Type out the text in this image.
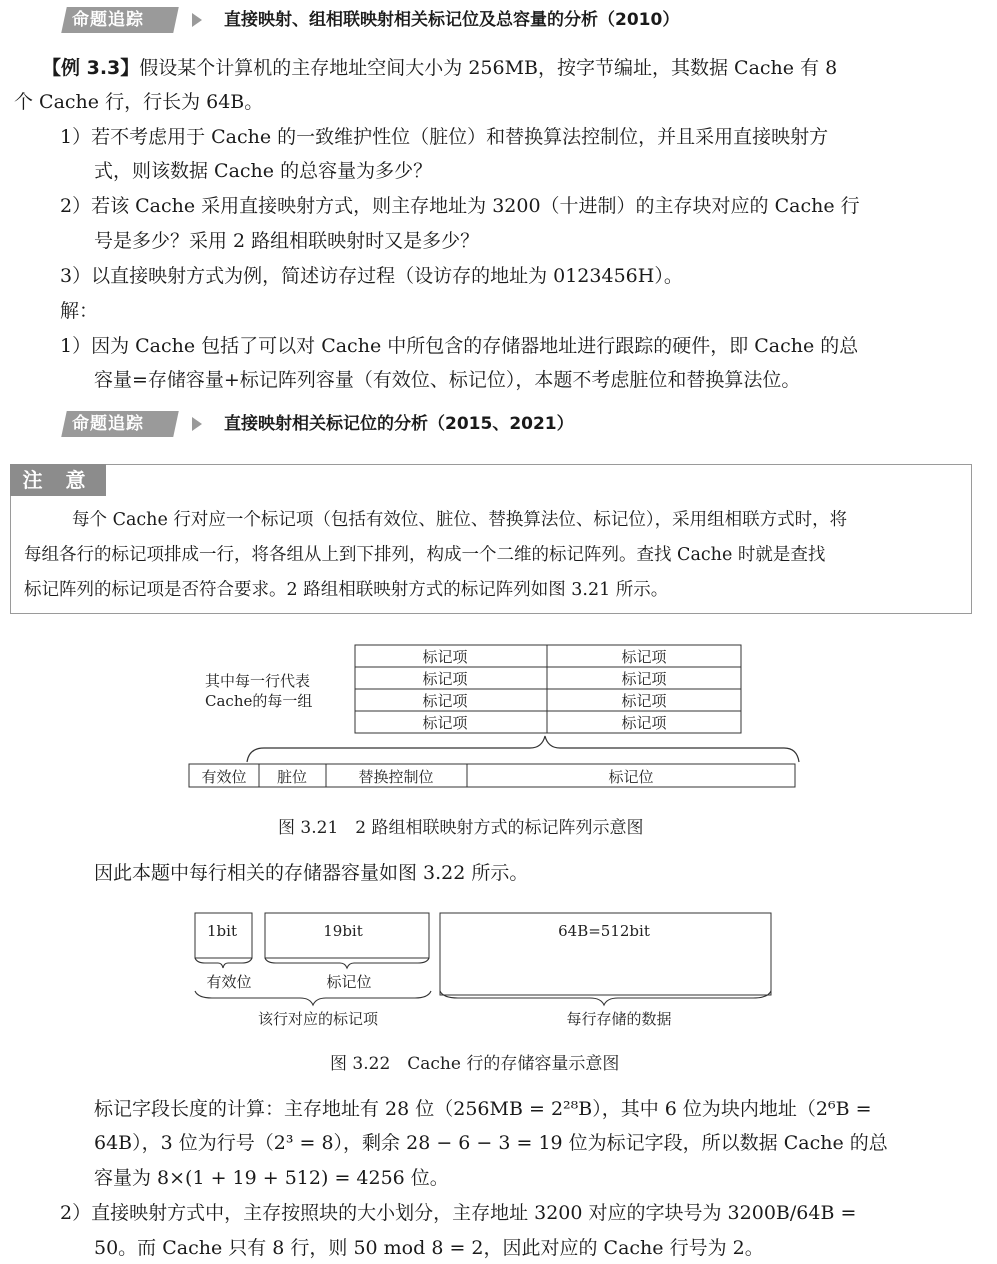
命题追踪	直接映射、组相联映射相关标记位及总容量的分析（2010）
【例 3.3】假设某个计算机的主存地址空间大小为 256MB，按字节编址，其数据 Cache 有 8
个 Cache 行，行长为 64B。
1）若不考虑用于 Cache 的一致维护性位（脏位）和替换算法控制位，并且采用直接映射方
式，则该数据 Cache 的总容量为多少？
2）若该 Cache 采用直接映射方式，则主存地址为 3200（十进制）的主存块对应的 Cache 行
号是多少？采用 2 路组相联映射时又是多少？
3）以直接映射方式为例，简述访存过程（设访存的地址为 0123456H）。
解：
1）因为 Cache 包括了可以对 Cache 中所包含的存储器地址进行跟踪的硬件，即 Cache 的总
容量=存储容量+标记阵列容量（有效位、标记位），本题不考虑脏位和替换算法位。
命题追踪	直接映射相关标记位的分析（2015、2021）
注 意
每个 Cache 行对应一个标记项（包括有效位、脏位、替换算法位、标记位），采用组相联方式时，将
每组各行的标记项排成一行，将各组从上到下排列，构成一个二维的标记阵列。查找 Cache 时就是查找
标记阵列的标记项是否符合要求。2 路组相联映射方式的标记阵列如图 3.21 所示。
其中每一行代表
Cache的每一组
标记项	标记项
标记项	标记项
标记项	标记项
标记项	标记项
有效位 脏位	替换控制位	标记位
图 3.21　2 路组相联映射方式的标记阵列示意图
因此本题中每行相关的存储器容量如图 3.22 所示。
1bit	19bit	64B=512bit
有效位	标记位
该行对应的标记项	每行存储的数据
图 3.22　Cache 行的存储容量示意图
标记字段长度的计算：主存地址有 28 位（256MB = 2²⁸B），其中 6 位为块内地址（2⁶B =
64B），3 位为行号（2³ = 8），剩余 28 − 6 − 3 = 19 位为标记字段，所以数据 Cache 的总
容量为 8×(1 + 19 + 512) = 4256 位。
2）直接映射方式中，主存按照块的大小划分，主存地址 3200 对应的字块号为 3200B/64B =
50。而 Cache 只有 8 行，则 50 mod 8 = 2，因此对应的 Cache 行号为 2。
